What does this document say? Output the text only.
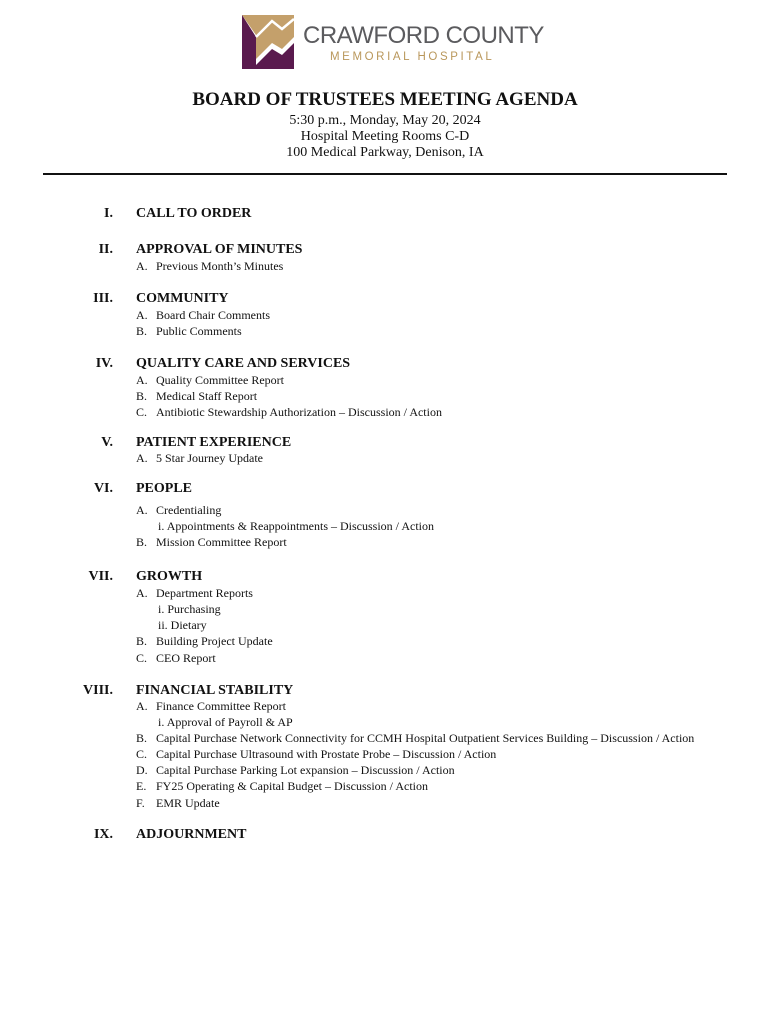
CRAWFORD COUNTY
MEMORIAL HOSPITAL
BOARD OF TRUSTEES MEETING AGENDA
5:30 p.m., Monday, May 20, 2024
Hospital Meeting Rooms C-D
100 Medical Parkway, Denison, IA
I. CALL TO ORDER
II. APPROVAL OF MINUTES
A. Previous Month’s Minutes
III. COMMUNITY
A. Board Chair Comments
B. Public Comments
IV. QUALITY CARE AND SERVICES
A. Quality Committee Report
B. Medical Staff Report
C. Antibiotic Stewardship Authorization – Discussion / Action
V. PATIENT EXPERIENCE
A. 5 Star Journey Update
VI. PEOPLE
A. Credentialing
i. Appointments & Reappointments – Discussion / Action
B. Mission Committee Report
VII. GROWTH
A. Department Reports
i. Purchasing
ii. Dietary
B. Building Project Update
C. CEO Report
VIII. FINANCIAL STABILITY
A. Finance Committee Report
i. Approval of Payroll & AP
B. Capital Purchase Network Connectivity for CCMH Hospital Outpatient Services Building – Discussion / Action
C. Capital Purchase Ultrasound with Prostate Probe – Discussion / Action
D. Capital Purchase Parking Lot expansion – Discussion / Action
E. FY25 Operating & Capital Budget – Discussion / Action
F. EMR Update
IX. ADJOURNMENT
